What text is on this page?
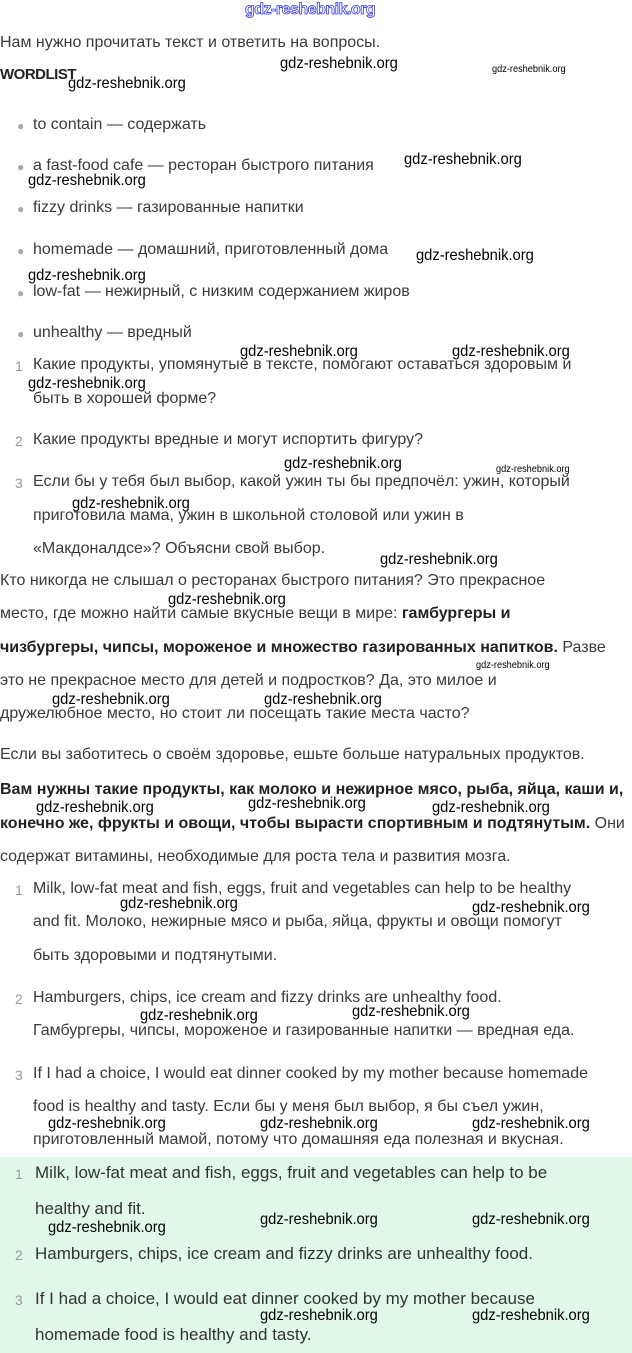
gdz-reshebnik.org
Нам нужно прочитать текст и ответить на вопросы.
WORDLIST
● to contain — содержать
● a fast-food cafe — ресторан быстрого питания
● fizzy drinks — газированные напитки
● homemade — домашний, приготовленный дома
● low-fat — нежирный, с низким содержанием жиров
● unhealthy — вредный
1 Какие продукты, упомянутые в тексте, помогают оставаться здоровым и
быть в хорошей форме?
2 Какие продукты вредные и могут испортить фигуру?
3 Если бы у тебя был выбор, какой ужин ты бы предпочёл: ужин, который
приготовила мама, ужин в школьной столовой или ужин в
«Макдоналдсе»? Объясни свой выбор.
Кто никогда не слышал о ресторанах быстрого питания? Это прекрасное
место, где можно найти самые вкусные вещи в мире: гамбургеры и
чизбургеры, чипсы, мороженое и множество газированных напитков. Разве
это не прекрасное место для детей и подростков? Да, это милое и
дружелюбное место, но стоит ли посещать такие места часто?
Если вы заботитесь о своём здоровье, ешьте больше натуральных продуктов.
Вам нужны такие продукты, как молоко и нежирное мясо, рыба, яйца, каши и,
конечно же, фрукты и овощи, чтобы вырасти спортивным и подтянутым. Они
содержат витамины, необходимые для роста тела и развития мозга.
1 Milk, low-fat meat and fish, eggs, fruit and vegetables can help to be healthy
and fit. Молоко, нежирные мясо и рыба, яйца, фрукты и овощи помогут
быть здоровыми и подтянутыми.
2 Hamburgers, chips, ice cream and fizzy drinks are unhealthy food.
Гамбургеры, чипсы, мороженое и газированные напитки — вредная еда.
3 If I had a choice, I would eat dinner cooked by my mother because homemade
food is healthy and tasty. Если бы у меня был выбор, я бы съел ужин,
приготовленный мамой, потому что домашняя еда полезная и вкусная.
1 Milk, low-fat meat and fish, eggs, fruit and vegetables can help to be
healthy and fit.
2 Hamburgers, chips, ice cream and fizzy drinks are unhealthy food.
3 If I had a choice, I would eat dinner cooked by my mother because
homemade food is healthy and tasty.
gdz-reshebnik.org	gdz-reshebnik.org
gdz-reshebnik.org
gdz-reshebnik.org
gdz-reshebnik.org
gdz-reshebnik.org
gdz-reshebnik.org
gdz-reshebnik.org	gdz-reshebnik.org
gdz-reshebnik.org
gdz-reshebnik.org	gdz-reshebnik.org
gdz-reshebnik.org
gdz-reshebnik.org
gdz-reshebnik.org
gdz-reshebnik.org
gdz-reshebnik.org	gdz-reshebnik.org
gdz-reshebnik.org
gdz-reshebnik.org	gdz-reshebnik.org
gdz-reshebnik.org	gdz-reshebnik.org
gdz-reshebnik.org	gdz-reshebnik.org
gdz-reshebnik.org	gdz-reshebnik.org	gdz-reshebnik.org
gdz-reshebnik.org	gdz-reshebnik.org	gdz-reshebnik.org
gdz-reshebnik.org	gdz-reshebnik.org
